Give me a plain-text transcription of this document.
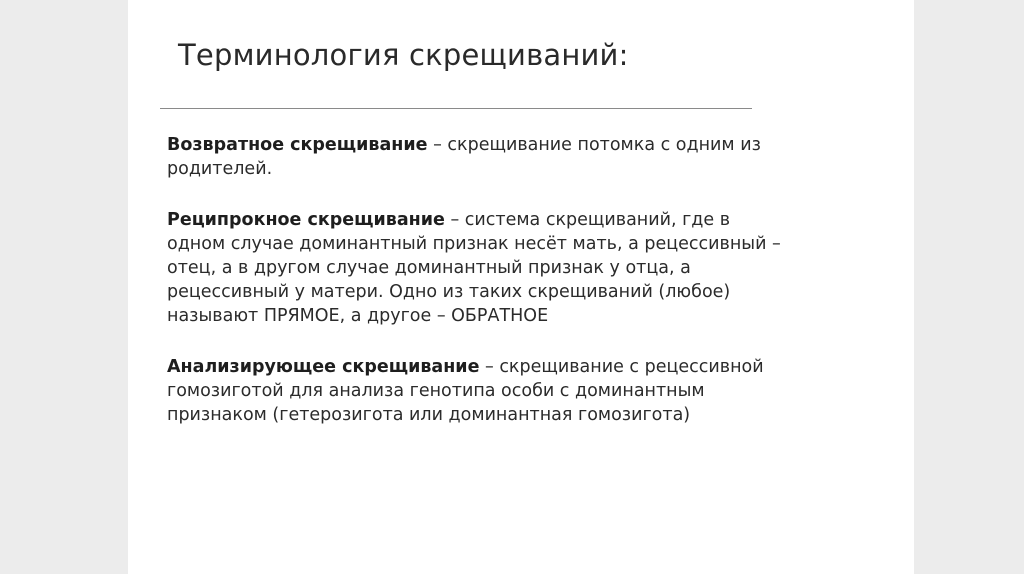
Терминология скрещиваний:

Возвратное скрещивание – скрещивание потомка с одним из
родителей.

Реципрокное скрещивание – система скрещиваний, где в
одном случае доминантный признак несёт мать, а рецессивный –
отец, а в другом случае доминантный признак у отца, а
рецессивный у матери. Одно из таких скрещиваний (любое)
называют ПРЯМОЕ, а другое – ОБРАТНОЕ

Анализирующее скрещивание – скрещивание с рецессивной
гомозиготой для анализа генотипа особи с доминантным
признаком (гетерозигота или доминантная гомозигота)
